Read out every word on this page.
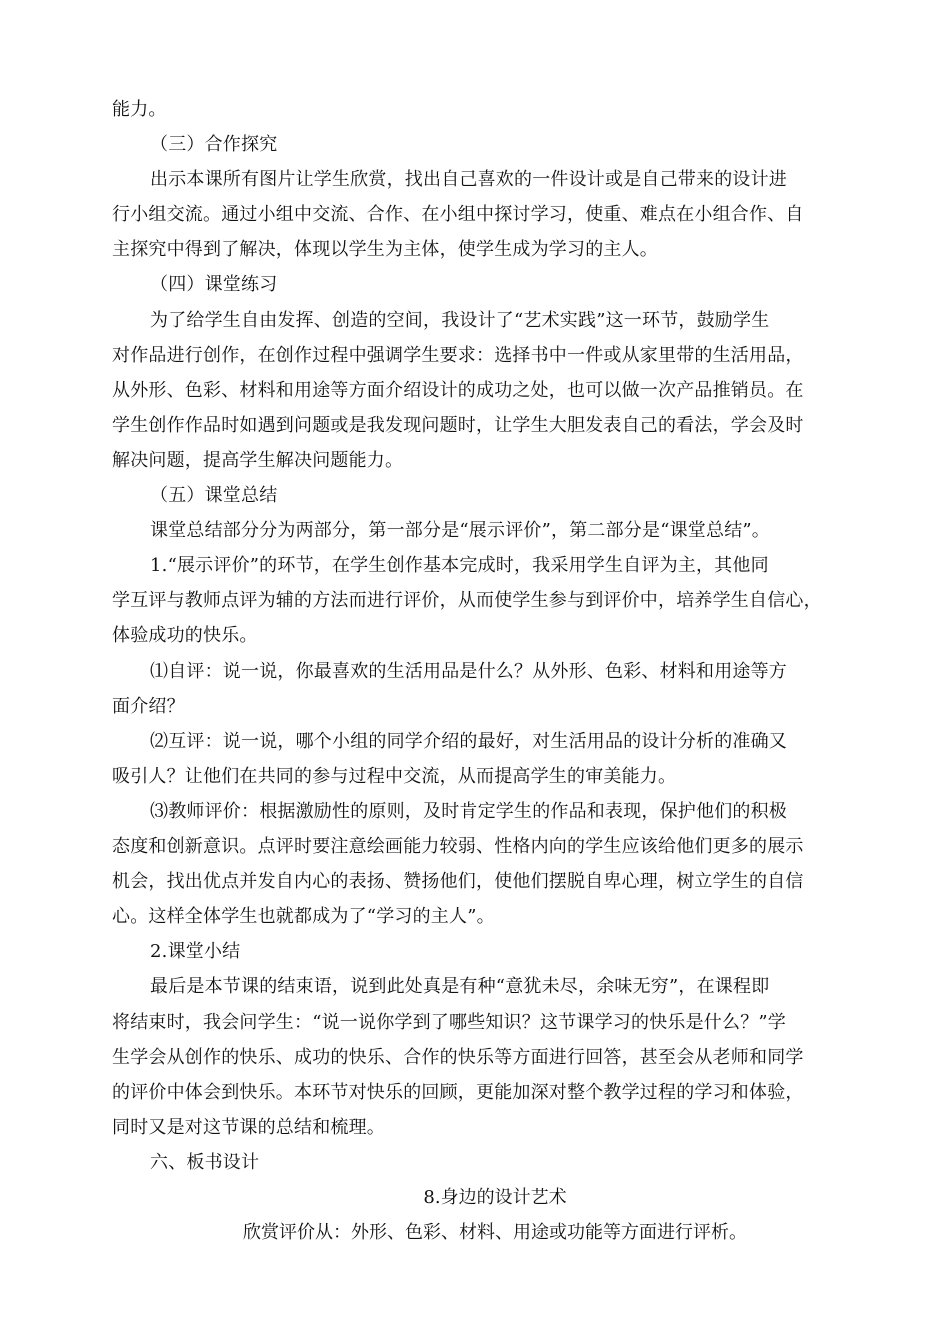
能力。
（三）合作探究
出示本课所有图片让学生欣赏，找出自己喜欢的一件设计或是自己带来的设计进
行小组交流。通过小组中交流、合作、在小组中探讨学习，使重、难点在小组合作、自
主探究中得到了解决，体现以学生为主体，使学生成为学习的主人。
（四）课堂练习
为了给学生自由发挥、创造的空间，我设计了“艺术实践”这一环节，鼓励学生
对作品进行创作，在创作过程中强调学生要求：选择书中一件或从家里带的生活用品，
从外形、色彩、材料和用途等方面介绍设计的成功之处，也可以做一次产品推销员。在
学生创作作品时如遇到问题或是我发现问题时，让学生大胆发表自己的看法，学会及时
解决问题，提高学生解决问题能力。
（五）课堂总结
课堂总结部分分为两部分，第一部分是“展示评价”，第二部分是“课堂总结”。
1.“展示评价”的环节，在学生创作基本完成时，我采用学生自评为主，其他同
学互评与教师点评为辅的方法而进行评价，从而使学生参与到评价中，培养学生自信心，
体验成功的快乐。
⑴自评：说一说，你最喜欢的生活用品是什么？从外形、色彩、材料和用途等方
面介绍？
⑵互评：说一说，哪个小组的同学介绍的最好，对生活用品的设计分析的准确又
吸引人？让他们在共同的参与过程中交流，从而提高学生的审美能力。
⑶教师评价：根据激励性的原则，及时肯定学生的作品和表现，保护他们的积极
态度和创新意识。点评时要注意绘画能力较弱、性格内向的学生应该给他们更多的展示
机会，找出优点并发自内心的表扬、赞扬他们，使他们摆脱自卑心理，树立学生的自信
心。这样全体学生也就都成为了“学习的主人”。
2.课堂小结
最后是本节课的结束语，说到此处真是有种“意犹未尽，余味无穷”，在课程即
将结束时，我会问学生：“说一说你学到了哪些知识？这节课学习的快乐是什么？”学
生学会从创作的快乐、成功的快乐、合作的快乐等方面进行回答，甚至会从老师和同学
的评价中体会到快乐。本环节对快乐的回顾，更能加深对整个教学过程的学习和体验，
同时又是对这节课的总结和梳理。
六、板书设计
8.身边的设计艺术
欣赏评价从：外形、色彩、材料、用途或功能等方面进行评析。
